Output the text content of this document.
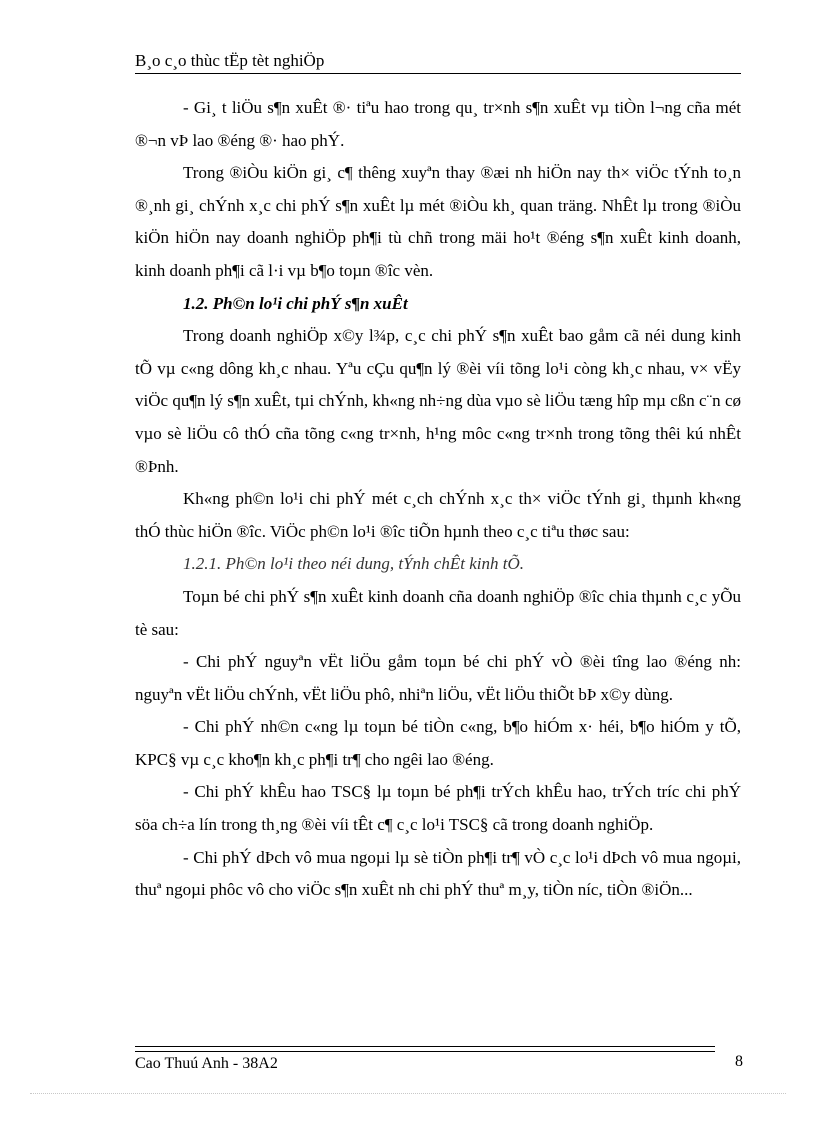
B¸o c¸o thùc tËp tèt nghiÖp

- Gi¸ t liÖu s¶n xuÊt ®· tiªu hao trong qu¸ tr×nh s¶n xuÊt vµ tiÒn l¬ng cña mét ®¬n vÞ lao ®éng ®· hao phÝ.

Trong ®iÒu kiÖn gi¸ c¶ thêng xuyªn thay ®æi nh hiÖn nay th× viÖc tÝnh to¸n ®¸nh gi¸ chÝnh x¸c chi phÝ s¶n xuÊt lµ mét ®iÒu kh¸ quan träng. NhÊt lµ trong ®iÒu kiÖn hiÖn nay doanh nghiÖp ph¶i tù chñ trong mäi ho¹t ®éng s¶n xuÊt kinh doanh, kinh doanh ph¶i cã l·i vµ b¶o toµn ®îc vèn.

1.2. Ph©n lo¹i chi phÝ s¶n xuÊt

Trong doanh nghiÖp x©y l¾p, c¸c chi phÝ s¶n xuÊt bao gåm cã néi dung kinh tÕ vµ c«ng dông kh¸c nhau. Yªu cÇu qu¶n lý ®èi víi tõng lo¹i còng kh¸c nhau, v× vËy viÖc qu¶n lý s¶n xuÊt, tµi chÝnh, kh«ng nh÷ng dùa vµo sè liÖu tæng hîp mµ cßn c¨n cø vµo sè liÖu cô thÓ cña tõng c«ng tr×nh, h¹ng môc c«ng tr×nh trong tõng thêi kú nhÊt ®Þnh.

Kh«ng ph©n lo¹i chi phÝ mét c¸ch chÝnh x¸c th× viÖc tÝnh gi¸ thµnh kh«ng thÓ thùc hiÖn ®îc. ViÖc ph©n lo¹i ®îc tiÕn hµnh theo c¸c tiªu thøc sau:

1.2.1. Ph©n lo¹i theo néi dung, tÝnh chÊt kinh tÕ.

Toµn bé chi phÝ s¶n xuÊt kinh doanh cña doanh nghiÖp ®îc chia thµnh c¸c yÕu tè sau:

- Chi phÝ nguyªn vËt liÖu gåm toµn bé chi phÝ vÒ ®èi tîng lao ®éng nh: nguyªn vËt liÖu chÝnh, vËt liÖu phô, nhiªn liÖu, vËt liÖu thiÕt bÞ x©y dùng.

- Chi phÝ nh©n c«ng lµ toµn bé tiÒn c«ng, b¶o hiÓm x· héi, b¶o hiÓm y tÕ, KPC§ vµ c¸c kho¶n kh¸c ph¶i tr¶ cho ngêi lao ®éng.

- Chi phÝ khÊu hao TSC§ lµ toµn bé ph¶i trÝch khÊu hao, trÝch tríc chi phÝ söa ch÷a lín trong th¸ng ®èi víi tÊt c¶ c¸c lo¹i TSC§ cã trong doanh nghiÖp.

- Chi phÝ dÞch vô mua ngoµi lµ sè tiÒn ph¶i tr¶ vÒ c¸c lo¹i dÞch vô mua ngoµi, thuª ngoµi phôc vô cho viÖc s¶n xuÊt nh chi phÝ thuª m¸y, tiÒn níc, tiÒn ®iÖn...

Cao Thuú Anh - 38A2	8
